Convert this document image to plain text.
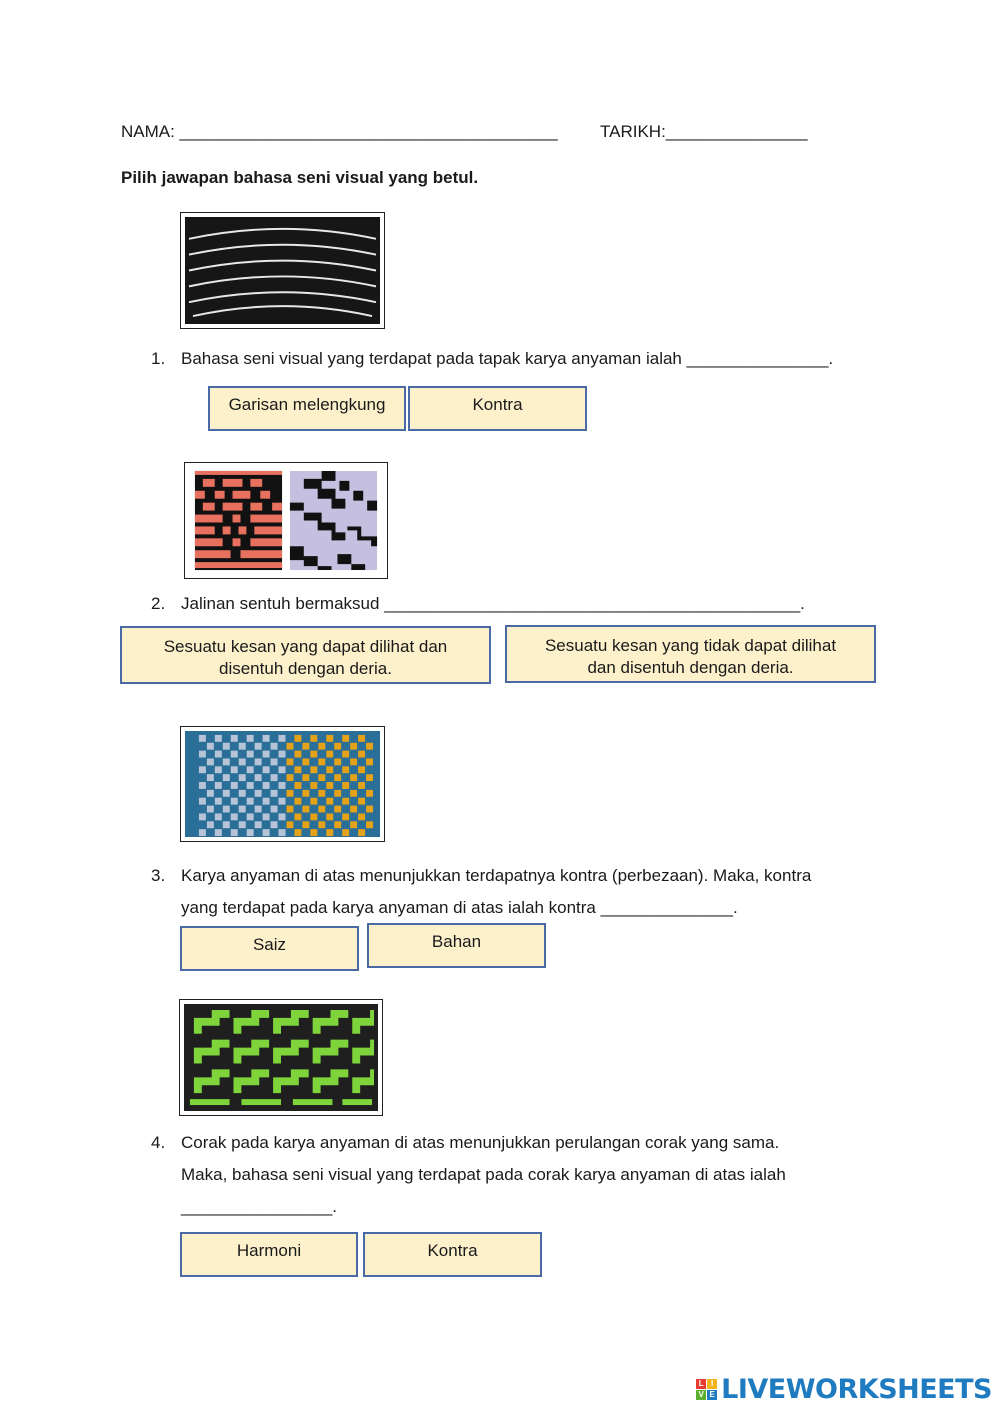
NAMA: ________________________________________ TARIKH:_______________
Pilih jawapan bahasa seni visual yang betul.
1. Bahasa seni visual yang terdapat pada tapak karya anyaman ialah _______________.
Garisan melengkung	Kontra
2. Jalinan sentuh bermaksud ____________________________________________.
Sesuatu kesan yang dapat dilihat dan
disentuh dengan deria.
Sesuatu kesan yang tidak dapat dilihat
dan disentuh dengan deria.
3. Karya anyaman di atas menunjukkan terdapatnya kontra (perbezaan). Maka, kontra
yang terdapat pada karya anyaman di atas ialah kontra ______________.
Saiz	Bahan
4. Corak pada karya anyaman di atas menunjukkan perulangan corak yang sama.
Maka, bahasa seni visual yang terdapat pada corak karya anyaman di atas ialah
________________.
Harmoni	Kontra
L I
V E LIVEWORKSHEETS
